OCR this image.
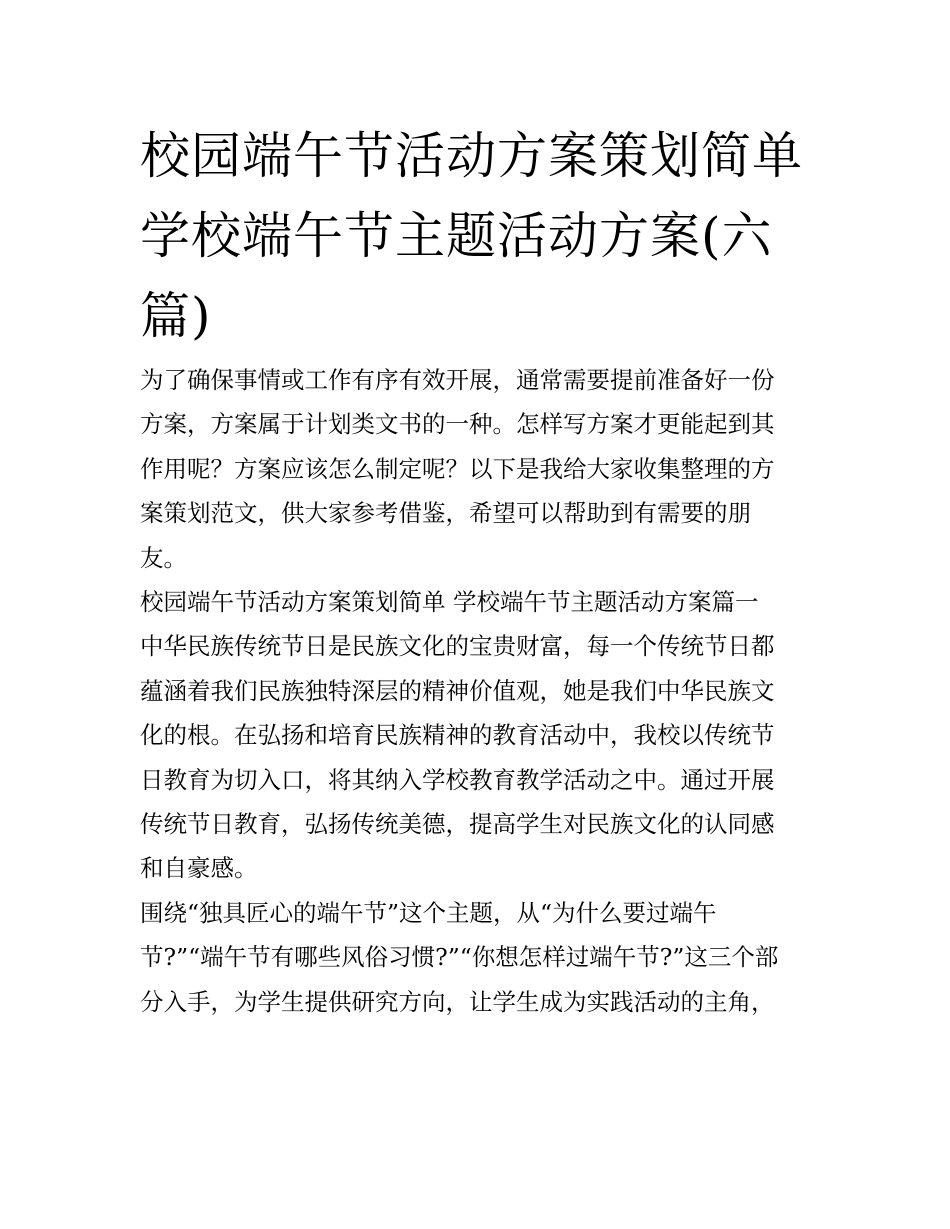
校园端午节活动方案策划简单
学校端午节主题活动方案(六
篇)

为了确保事情或工作有序有效开展，通常需要提前准备好一份
方案，方案属于计划类文书的一种。怎样写方案才更能起到其
作用呢？方案应该怎么制定呢？以下是我给大家收集整理的方
案策划范文，供大家参考借鉴，希望可以帮助到有需要的朋
友。

校园端午节活动方案策划简单 学校端午节主题活动方案篇一

中华民族传统节日是民族文化的宝贵财富，每一个传统节日都
蕴涵着我们民族独特深层的精神价值观，她是我们中华民族文
化的根。在弘扬和培育民族精神的教育活动中，我校以传统节
日教育为切入口，将其纳入学校教育教学活动之中。通过开展
传统节日教育，弘扬传统美德，提高学生对民族文化的认同感
和自豪感。

围绕“独具匠心的端午节”这个主题，从“为什么要过端午
节?”“端午节有哪些风俗习惯?”“你想怎样过端午节?”这三个部
分入手，为学生提供研究方向，让学生成为实践活动的主角，
